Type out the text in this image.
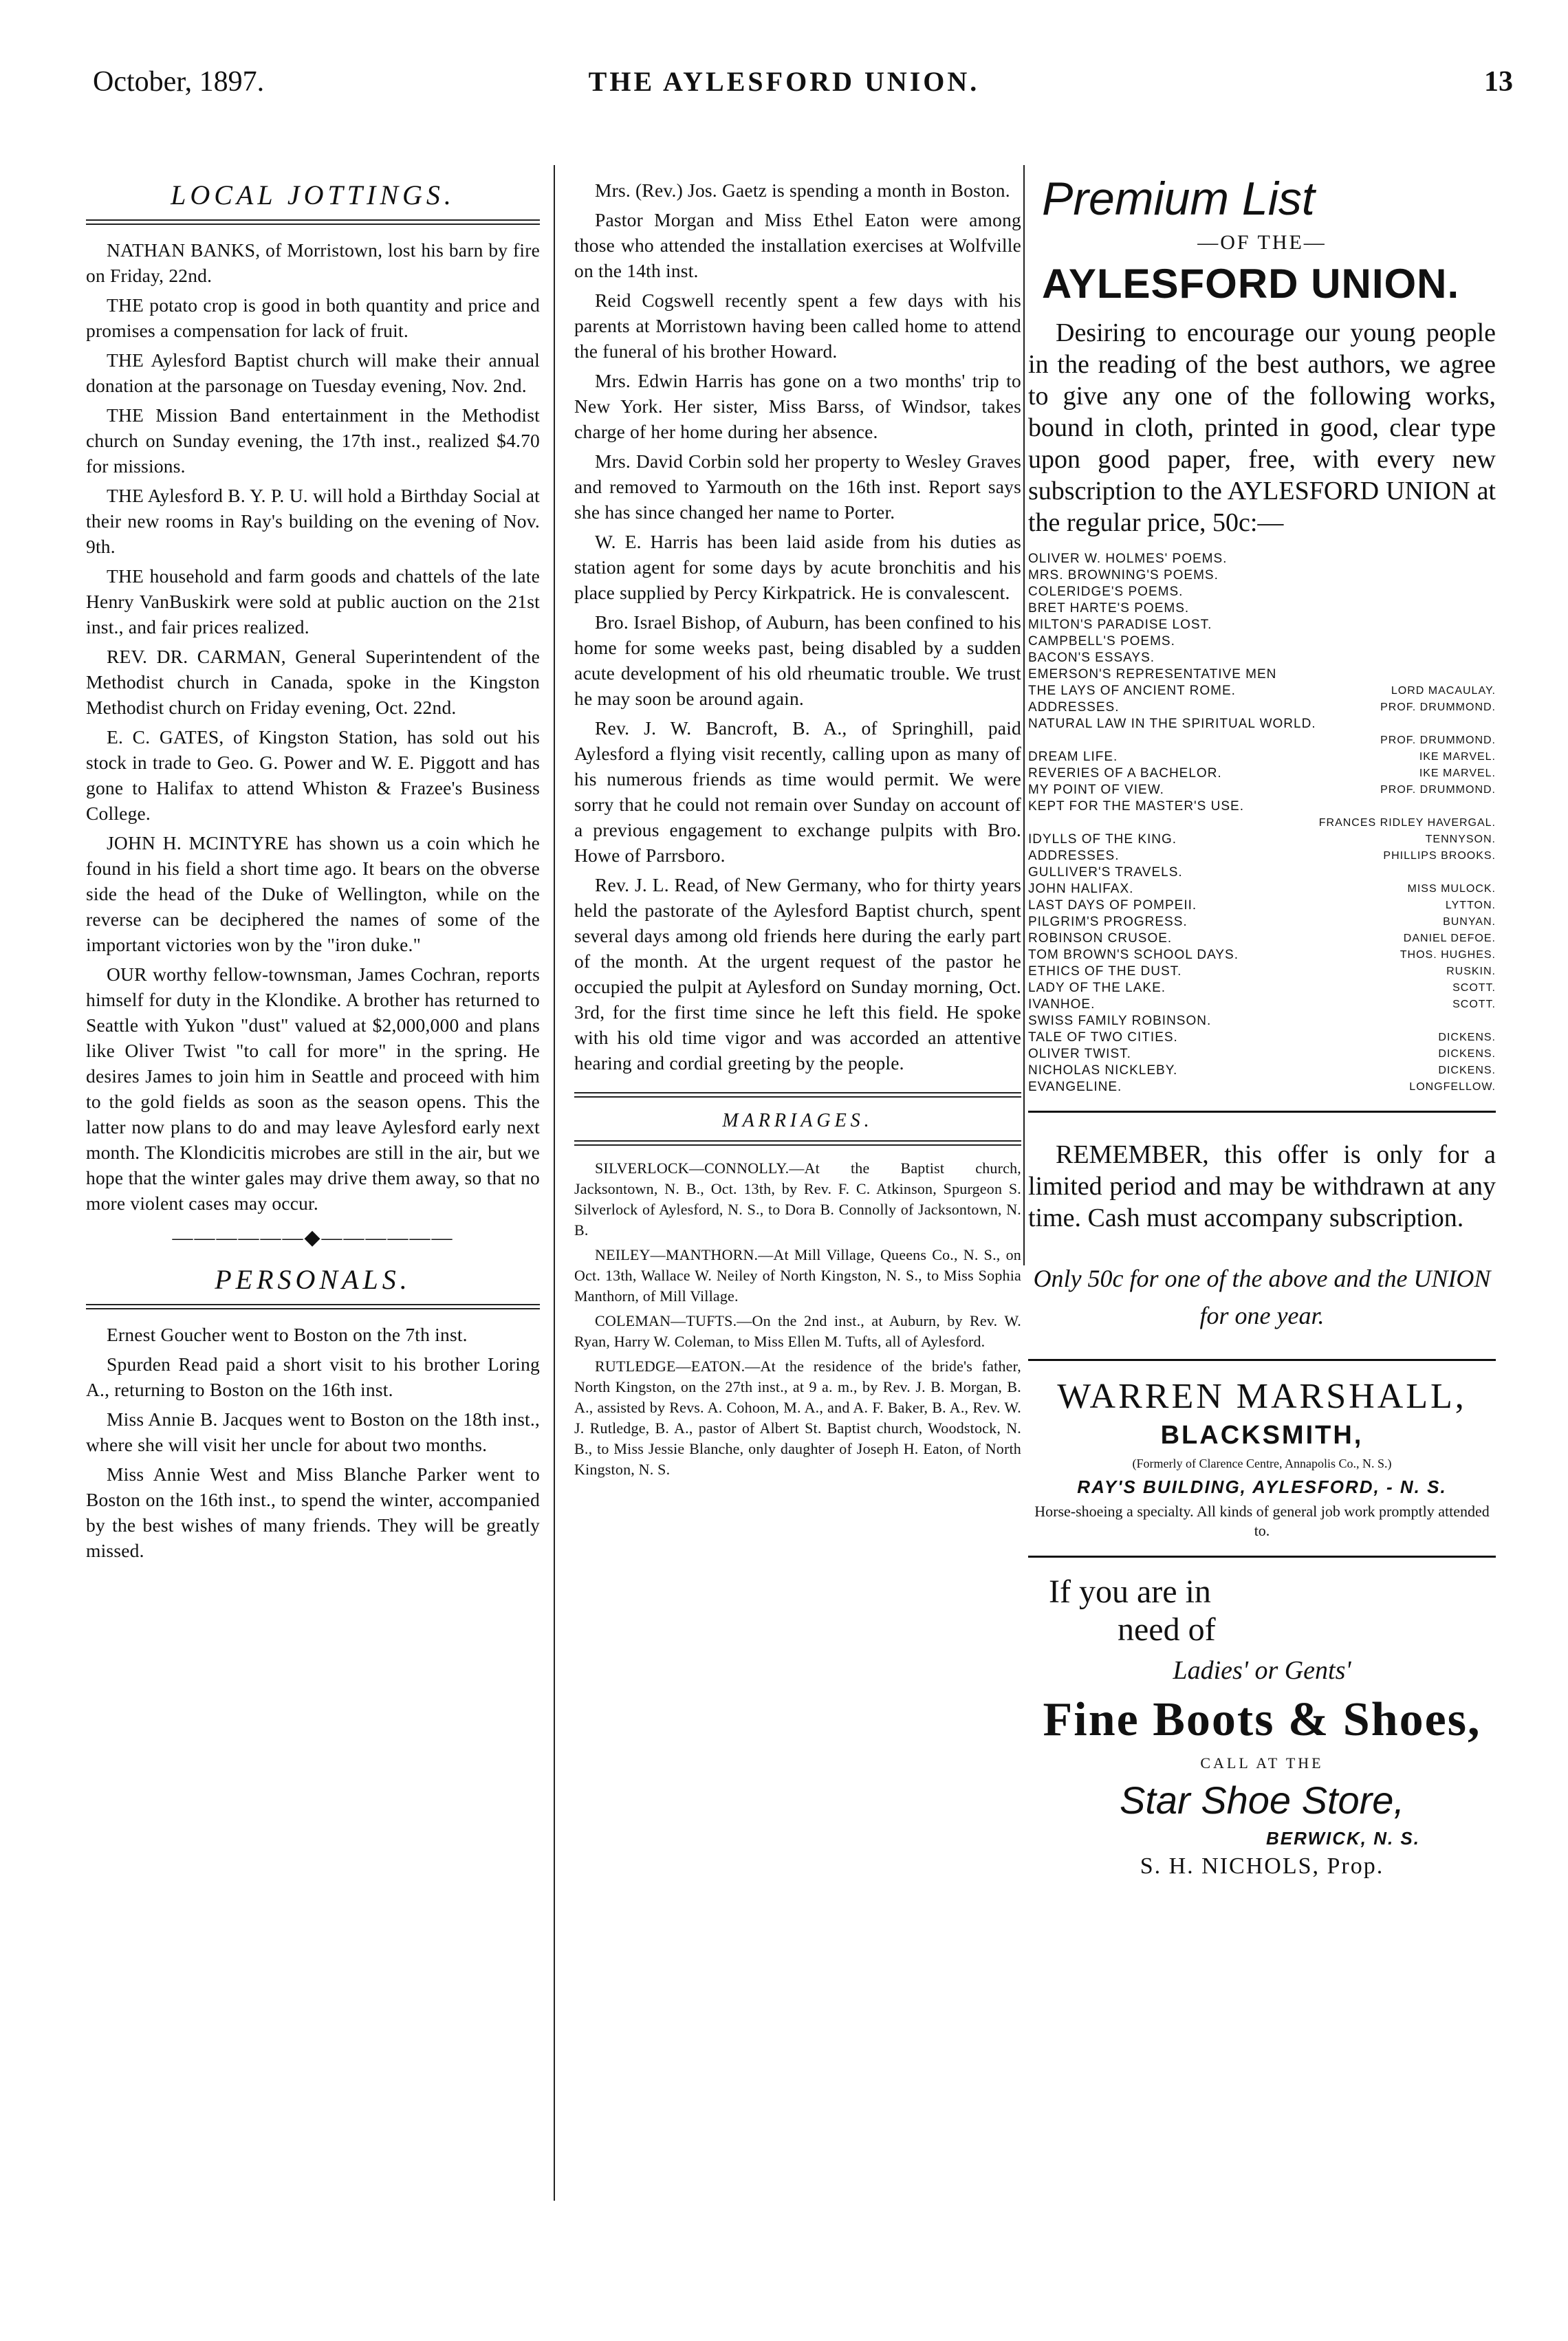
October, 1897.	THE AYLESFORD UNION.	13
LOCAL JOTTINGS.

NATHAN BANKS, of Morristown, lost his barn by fire on Friday, 22nd.

THE potato crop is good in both quantity and price and promises a compensation for lack of fruit.

THE Aylesford Baptist church will make their annual donation at the parsonage on Tuesday evening, Nov. 2nd.

THE Mission Band entertainment in the Methodist church on Sunday evening, the 17th inst., realized $4.70 for missions.

THE Aylesford B. Y. P. U. will hold a Birthday Social at their new rooms in Ray's building on the evening of Nov. 9th.

THE household and farm goods and chattels of the late Henry VanBuskirk were sold at public auction on the 21st inst., and fair prices realized.

REV. DR. CARMAN, General Superintendent of the Methodist church in Canada, spoke in the Kingston Methodist church on Friday evening, Oct. 22nd.

E. C. GATES, of Kingston Station, has sold out his stock in trade to Geo. G. Power and W. E. Piggott and has gone to Halifax to attend Whiston & Frazee's Business College.

JOHN H. MCINTYRE has shown us a coin which he found in his field a short time ago. It bears on the obverse side the head of the Duke of Wellington, while on the reverse can be deciphered the names of some of the important victories won by the "iron duke."

OUR worthy fellow-townsman, James Cochran, reports himself for duty in the Klondike. A brother has returned to Seattle with Yukon "dust" valued at $2,000,000 and plans like Oliver Twist "to call for more" in the spring. He desires James to join him in Seattle and proceed with him to the gold fields as soon as the season opens. This the latter now plans to do and may leave Aylesford early next month. The Klondicitis microbes are still in the air, but we hope that the winter gales may drive them away, so that no more violent cases may occur.

——————◆——————
PERSONALS.

Ernest Goucher went to Boston on the 7th inst.

Spurden Read paid a short visit to his brother Loring A., returning to Boston on the 16th inst.

Miss Annie B. Jacques went to Boston on the 18th inst., where she will visit her uncle for about two months.

Miss Annie West and Miss Blanche Parker went to Boston on the 16th inst., to spend the winter, accompanied by the best wishes of many friends. They will be greatly missed.

Mrs. (Rev.) Jos. Gaetz is spending a month in Boston.

Pastor Morgan and Miss Ethel Eaton were among those who attended the installation exercises at Wolfville on the 14th inst.

Reid Cogswell recently spent a few days with his parents at Morristown having been called home to attend the funeral of his brother Howard.

Mrs. Edwin Harris has gone on a two months' trip to New York. Her sister, Miss Barss, of Windsor, takes charge of her home during her absence.

Mrs. David Corbin sold her property to Wesley Graves and removed to Yarmouth on the 16th inst. Report says she has since changed her name to Porter.

W. E. Harris has been laid aside from his duties as station agent for some days by acute bronchitis and his place supplied by Percy Kirkpatrick. He is convalescent.

Bro. Israel Bishop, of Auburn, has been confined to his home for some weeks past, being disabled by a sudden acute development of his old rheumatic trouble. We trust he may soon be around again.

Rev. J. W. Bancroft, B. A., of Springhill, paid Aylesford a flying visit recently, calling upon as many of his numerous friends as time would permit. We were sorry that he could not remain over Sunday on account of a previous engagement to exchange pulpits with Bro. Howe of Parrsboro.

Rev. J. L. Read, of New Germany, who for thirty years held the pastorate of the Aylesford Baptist church, spent several days among old friends here during the early part of the month. At the urgent request of the pastor he occupied the pulpit at Aylesford on Sunday morning, Oct. 3rd, for the first time since he left this field. He spoke with his old time vigor and was accorded an attentive hearing and cordial greeting by the people.

MARRIAGES.

SILVERLOCK—CONNOLLY.—At the Baptist church, Jacksontown, N. B., Oct. 13th, by Rev. F. C. Atkinson, Spurgeon S. Silverlock of Aylesford, N. S., to Dora B. Connolly of Jacksontown, N. B.

NEILEY—MANTHORN.—At Mill Village, Queens Co., N. S., on Oct. 13th, Wallace W. Neiley of North Kingston, N. S., to Miss Sophia Manthorn, of Mill Village.

COLEMAN—TUFTS.—On the 2nd inst., at Auburn, by Rev. W. Ryan, Harry W. Coleman, to Miss Ellen M. Tufts, all of Aylesford.

RUTLEDGE—EATON.—At the residence of the bride's father, North Kingston, on the 27th inst., at 9 a. m., by Rev. J. B. Morgan, B. A., assisted by Revs. A. Cohoon, M. A., and A. F. Baker, B. A., Rev. W. J. Rutledge, B. A., pastor of Albert St. Baptist church, Woodstock, N. B., to Miss Jessie Blanche, only daughter of Joseph H. Eaton, of North Kingston, N. S.

Premium List
—OF THE—
AYLESFORD UNION.

Desiring to encourage our young people in the reading of the best authors, we agree to give any one of the following works, bound in cloth, printed in good, clear type upon good paper, free, with every new subscription to the AYLESFORD UNION at the regular price, 50c:—

OLIVER W. HOLMES' POEMS.
MRS. BROWNING'S POEMS.
COLERIDGE'S POEMS.
BRET HARTE'S POEMS.
MILTON'S PARADISE LOST.
CAMPBELL'S POEMS.
BACON'S ESSAYS.
EMERSON'S REPRESENTATIVE MEN
THE LAYS OF ANCIENT ROME.	LORD MACAULAY.
ADDRESSES.	PROF. DRUMMOND.
NATURAL LAW IN THE SPIRITUAL WORLD.
PROF. DRUMMOND.
DREAM LIFE.	IKE MARVEL.
REVERIES OF A BACHELOR.	IKE MARVEL.
MY POINT OF VIEW.	PROF. DRUMMOND.
KEPT FOR THE MASTER'S USE.
FRANCES RIDLEY HAVERGAL.
IDYLLS OF THE KING.	TENNYSON.
ADDRESSES.	PHILLIPS BROOKS.
GULLIVER'S TRAVELS.
JOHN HALIFAX.	MISS MULOCK.
LAST DAYS OF POMPEII.	LYTTON.
PILGRIM'S PROGRESS.	BUNYAN.
ROBINSON CRUSOE.	DANIEL DEFOE.
TOM BROWN'S SCHOOL DAYS.	THOS. HUGHES.
ETHICS OF THE DUST.	RUSKIN.
LADY OF THE LAKE.	SCOTT.
IVANHOE.	SCOTT.
SWISS FAMILY ROBINSON.
TALE OF TWO CITIES.	DICKENS.
OLIVER TWIST.	DICKENS.
NICHOLAS NICKLEBY.	DICKENS.
EVANGELINE.	LONGFELLOW.

REMEMBER, this offer is only for a limited period and may be withdrawn at any time. Cash must accompany subscription.

Only 50c for one of the above and the UNION for one year.
WARREN MARSHALL,
BLACKSMITH,
(Formerly of Clarence Centre, Annapolis Co., N. S.)
RAY'S BUILDING, AYLESFORD, - N. S.
Horse-shoeing a specialty. All kinds of general job work promptly attended to.
If you are in
need of
Ladies' or Gents'
Fine Boots & Shoes,
CALL AT THE
Star Shoe Store,
BERWICK, N. S.
S. H. NICHOLS, Prop.
